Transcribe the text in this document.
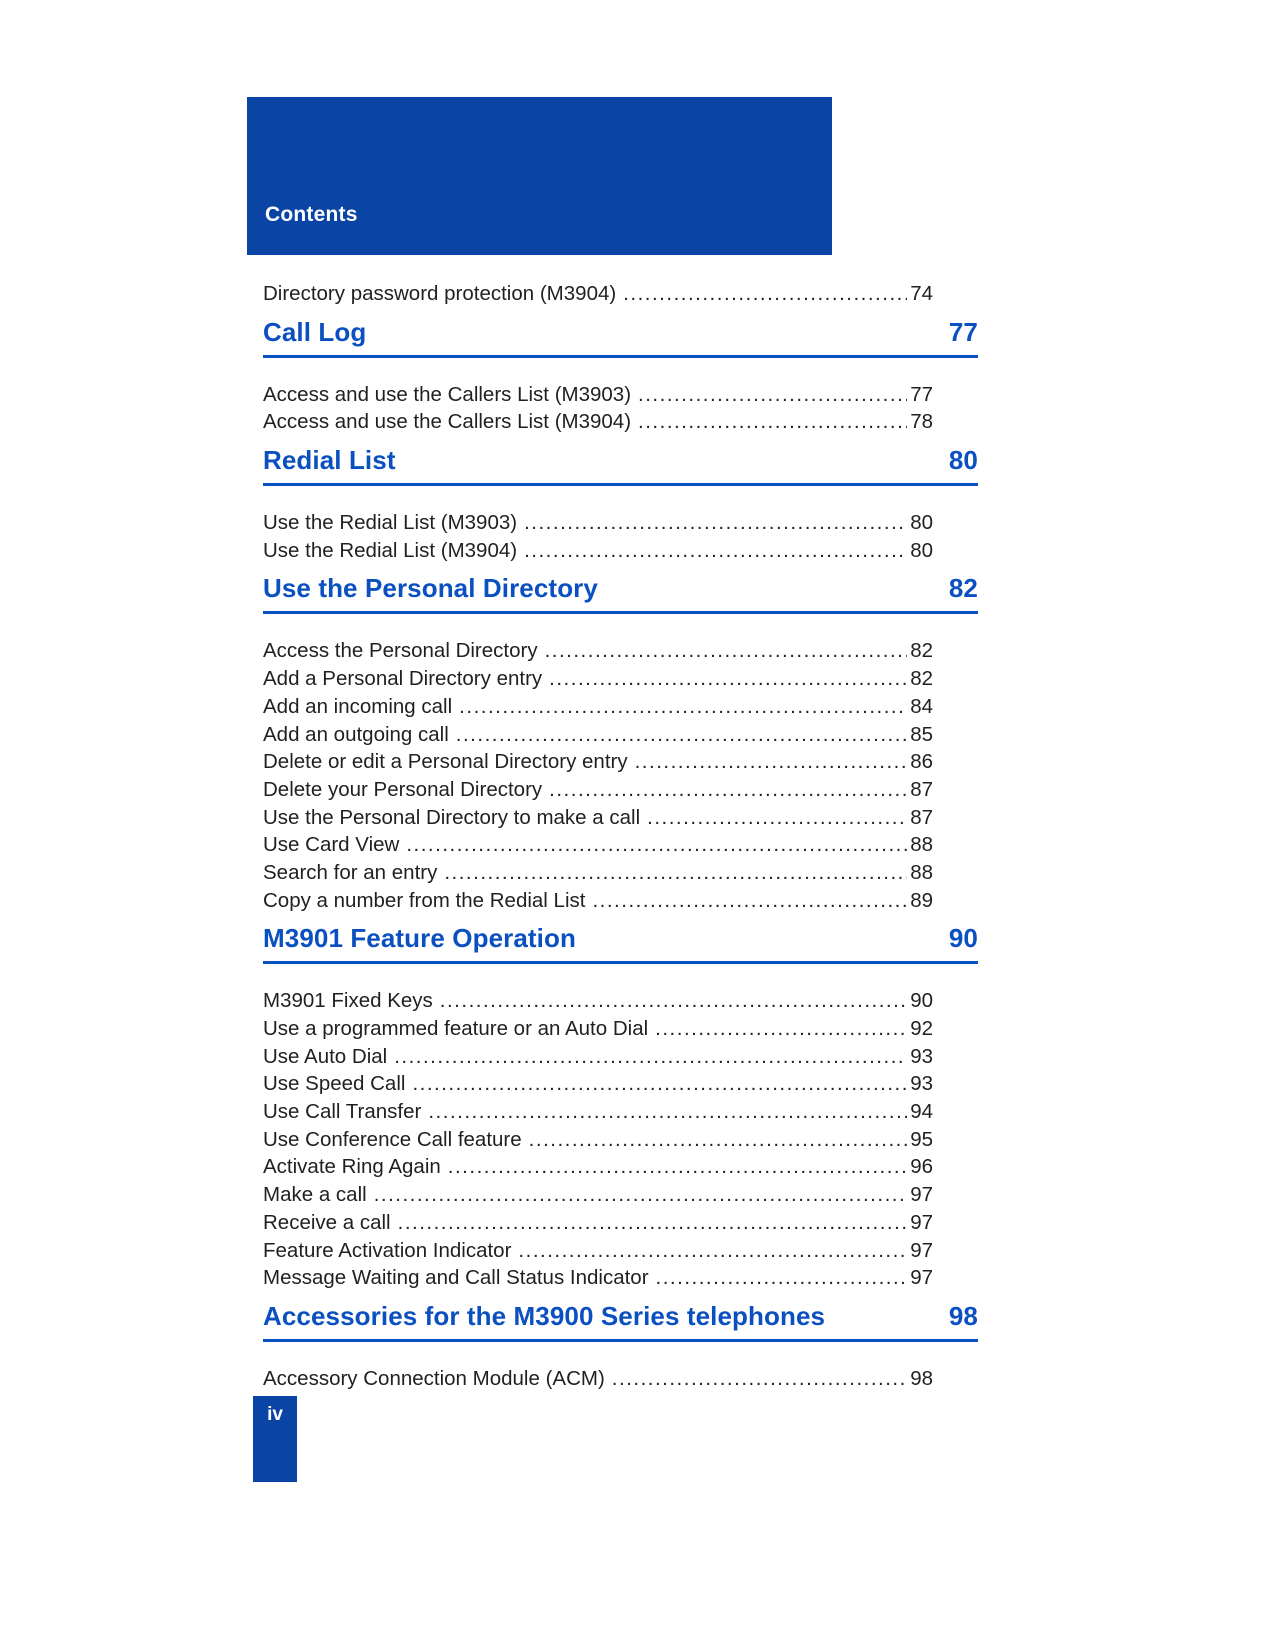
Contents
Directory password protection (M3904) .....	74
Call Log	77
Access and use the Callers List (M3903) .....	77
Access and use the Callers List (M3904) .....	78
Redial List	80
Use the Redial List (M3903) .....	80
Use the Redial List (M3904) .....	80
Use the Personal Directory	82
Access the Personal Directory .....	82
Add a Personal Directory entry .....	82
Add an incoming call .....	84
Add an outgoing call .....	85
Delete or edit a Personal Directory entry .....	86
Delete your Personal Directory .....	87
Use the Personal Directory to make a call .....	87
Use Card View .....	88
Search for an entry .....	88
Copy a number from the Redial List .....	89
M3901 Feature Operation	90
M3901 Fixed Keys .....	90
Use a programmed feature or an Auto Dial .....	92
Use Auto Dial .....	93
Use Speed Call .....	93
Use Call Transfer .....	94
Use Conference Call feature .....	95
Activate Ring Again .....	96
Make a call .....	97
Receive a call .....	97
Feature Activation Indicator .....	97
Message Waiting and Call Status Indicator .....	97
Accessories for the M3900 Series telephones	98
Accessory Connection Module (ACM) .....	98
iv
